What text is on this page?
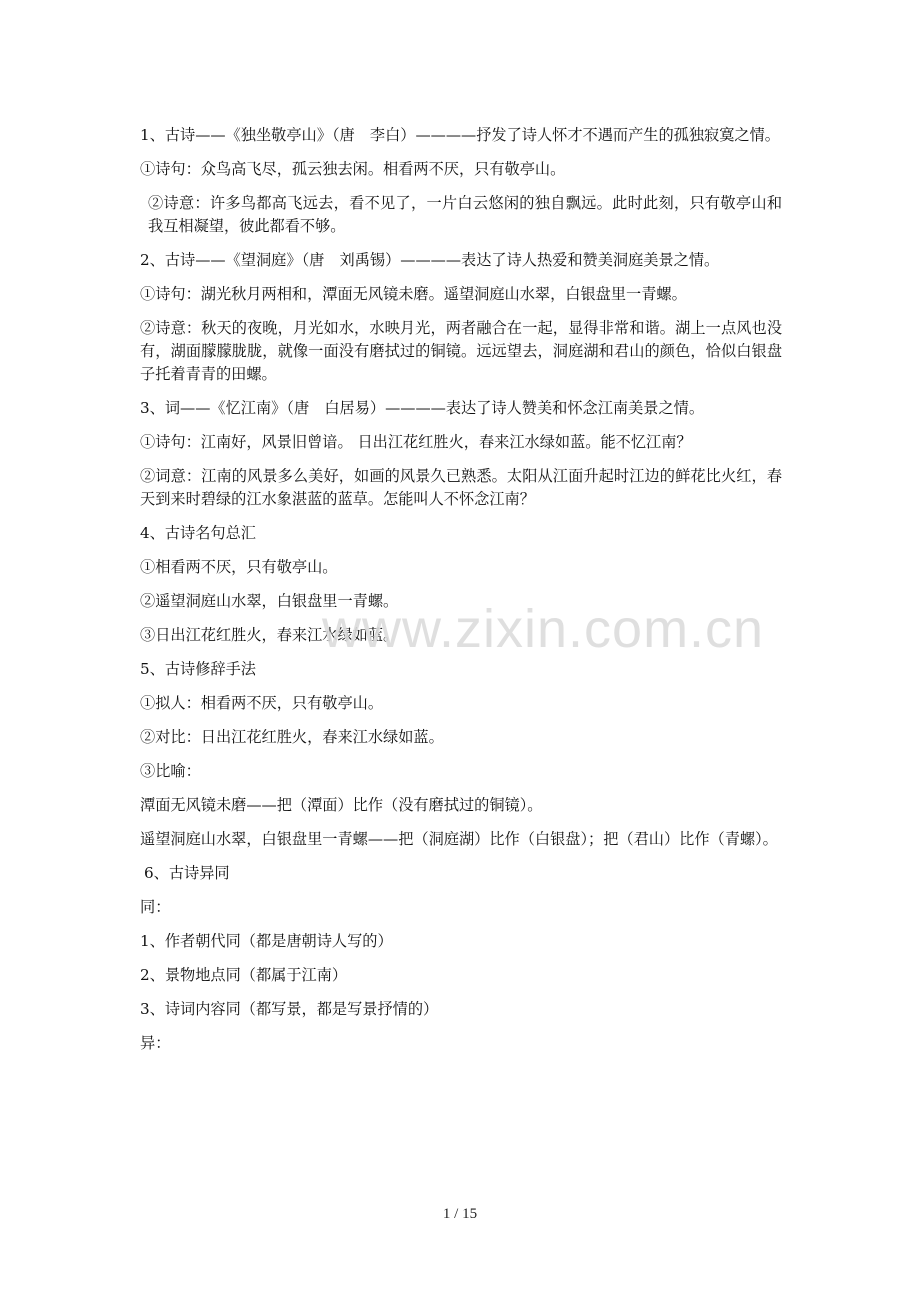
1、古诗——《独坐敬亭山》（唐　李白）————抒发了诗人怀才不遇而产生的孤独寂寞之情。
①诗句：众鸟高飞尽，孤云独去闲。相看两不厌，只有敬亭山。
②诗意：许多鸟都高飞远去，看不见了，一片白云悠闲的独自飘远。此时此刻，只有敬亭山和我互相凝望，彼此都看不够。
2、古诗——《望洞庭》（唐　刘禹锡）————表达了诗人热爱和赞美洞庭美景之情。
①诗句：湖光秋月两相和，潭面无风镜未磨。遥望洞庭山水翠，白银盘里一青螺。
②诗意：秋天的夜晚，月光如水，水映月光，两者融合在一起，显得非常和谐。湖上一点风也没有，湖面朦朦胧胧，就像一面没有磨拭过的铜镜。远远望去，洞庭湖和君山的颜色，恰似白银盘子托着青青的田螺。
3、词——《忆江南》（唐　白居易）————表达了诗人赞美和怀念江南美景之情。
①诗句：江南好，风景旧曾谙。 日出江花红胜火，春来江水绿如蓝。能不忆江南？
②词意：江南的风景多么美好，如画的风景久已熟悉。太阳从江面升起时江边的鲜花比火红，春天到来时碧绿的江水象湛蓝的蓝草。怎能叫人不怀念江南？
4、古诗名句总汇
①相看两不厌，只有敬亭山。
②遥望洞庭山水翠，白银盘里一青螺。
③日出江花红胜火，春来江水绿如蓝。
5、古诗修辞手法
①拟人：相看两不厌，只有敬亭山。
②对比：日出江花红胜火，春来江水绿如蓝。
③比喻：
潭面无风镜未磨——把（潭面）比作（没有磨拭过的铜镜）。
遥望洞庭山水翠，白银盘里一青螺——把（洞庭湖）比作（白银盘）；把（君山）比作（青螺）。
6、古诗异同
同：
1、作者朝代同（都是唐朝诗人写的）
2、景物地点同（都属于江南）
3、诗词内容同（都写景，都是写景抒情的）
异：
www.zixin.com.cn
1 / 15
